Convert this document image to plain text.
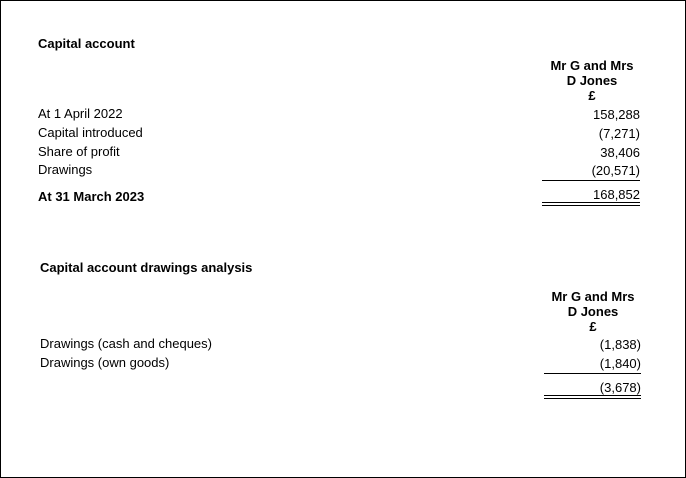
Capital account
Mr G and Mrs
D Jones
£
At 1 April 2022	158,288
Capital introduced	(7,271)
Share of profit	38,406
Drawings	(20,571)
At 31 March 2023	168,852
Capital account drawings analysis
Mr G and Mrs
D Jones
£
Drawings (cash and cheques)	(1,838)
Drawings (own goods)	(1,840)
(3,678)
